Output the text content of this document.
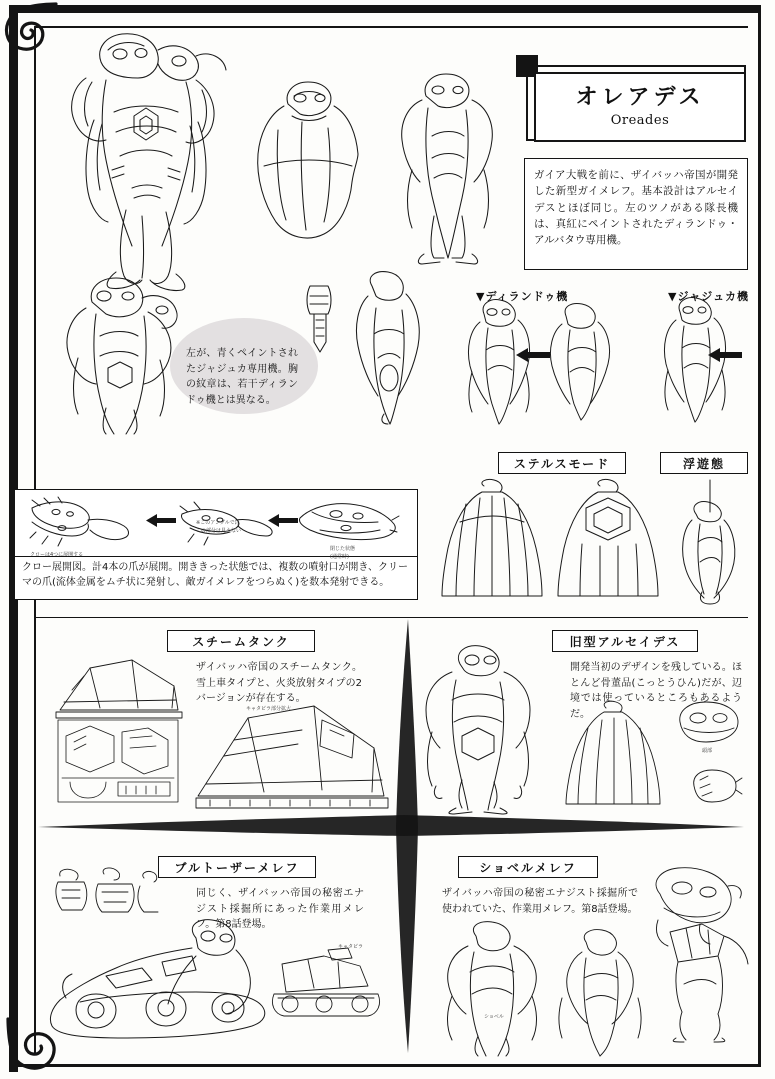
オレアデス
Oreades
ガイア大戦を前に、ザイバッハ帝国が開発した新型ガイメレフ。基本設計はアルセイデスとほぼ同じ。左のツノがある隊長機は、真紅にペイントされたディランドゥ・アルバタウ専用機。
▼ディランドゥ機	▼ジャジュカ機
左が、青くペイントされたジャジュカ専用機。胸の紋章は、若干ディランドゥ機とは異なる。
ステルスモード	浮遊態
クロー展開図。計4本の爪が展開。開ききった状態では、複数の噴射口が開き、クリーマの爪(流体金属をムチ状に発射し、敵ガイメレフをつらぬく)を数本発射できる。
クローは4つに展開する
※このアングルでは
この部分は見えない
閉じた状態
(通常時)
スチームタンク
ザイバッハ帝国のスチームタンク。雪上車タイプと、火炎放射タイプの2バージョンが存在する。
キャタピラ部分拡大
旧型アルセイデス
開発当初のデザインを残している。ほとんど骨董品(こっとうひん)だが、辺境では使っているところもあるようだ。
頭部
ブルトーザーメレフ
同じく、ザイバッハ帝国の秘密エナジスト採掘所にあった作業用メレフ。第8話登場。
キャタピラ
ショベルメレフ
ザイバッハ帝国の秘密エナジスト採掘所で使われていた、作業用メレフ。第8話登場。
ショベル
